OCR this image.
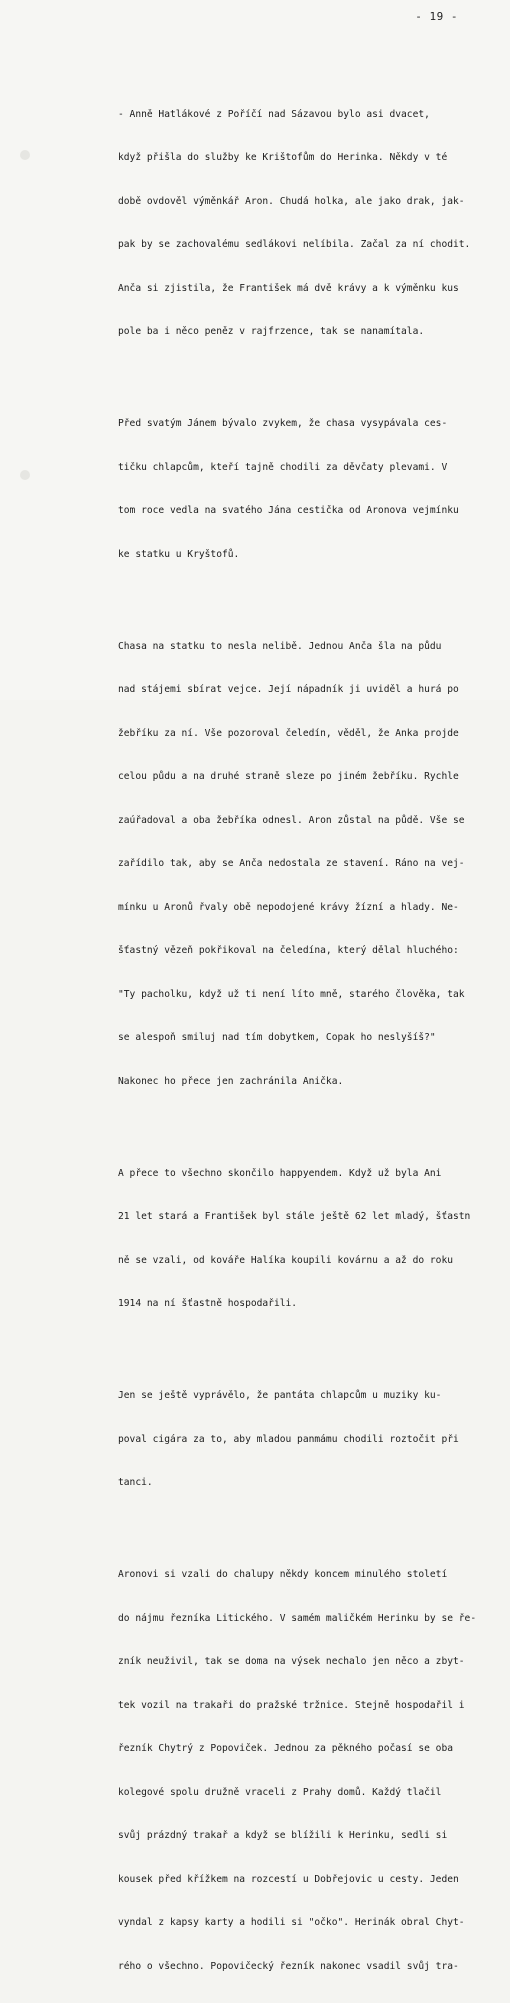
- 19 -

- Anně Hatlákové z Poříčí nad Sázavou bylo asi dvacet,

když přišla do služby ke Krištofům do Herinka. Někdy v té

době ovdověl výměnkář Aron. Chudá holka, ale jako drak, jak-

pak by se zachovalému sedlákovi nelíbila. Začal za ní chodit.

Anča si zjistila, že František má dvě krávy a k výměnku kus

pole ba i něco peněz v rajfrzence, tak se nanamítala.

Před svatým Jánem bývalo zvykem, že chasa vysypávala ces-

tičku chlapcům, kteří tajně chodili za děvčaty plevami. V

tom roce vedla na svatého Jána cestička od Aronova vejmínku

ke statku u Kryštofů.

Chasa na statku to nesla nelibě. Jednou Anča šla na půdu

nad stájemi sbírat vejce. Její nápadník ji uviděl a hurá po

žebříku za ní. Vše pozoroval čeledín, věděl, že Anka projde

celou půdu a na druhé straně sleze po jiném žebříku. Rychle

zaúřadoval a oba žebříka odnesl. Aron zůstal na půdě. Vše se

zařídilo tak, aby se Anča nedostala ze stavení. Ráno na vej-

mínku u Aronů řvaly obě nepodojené krávy žízní a hlady. Ne-

šťastný vězeň pokřikoval na čeledína, který dělal hluchého:

"Ty pacholku, když už ti není líto mně, starého člověka, tak

se alespoň smiluj nad tím dobytkem, Copak ho neslyšíš?"

Nakonec ho přece jen zachránila Anička.

A přece to všechno skončilo happyendem. Když už byla Ani

21 let stará a František byl stále ještě 62 let mladý, šťastn

ně se vzali, od kováře Halíka koupili kovárnu a až do roku

1914 na ní šťastně hospodařili.

Jen se ještě vyprávělo, že pantáta chlapcům u muziky ku-

poval cigára za to, aby mladou panmámu chodili roztočit při

tanci.

Aronovi si vzali do chalupy někdy koncem minulého století

do nájmu řezníka Litického. V samém maličkém Herinku by se ře-

zník neuživil, tak se doma na výsek nechalo jen něco a zbyt-

tek vozil na trakaři do pražské tržnice. Stejně hospodařil i

řezník Chytrý z Popoviček. Jednou za pěkného počasí se oba

kolegové spolu družně vraceli z Prahy domů. Každý tlačil

svůj prázdný trakař a když se blížili k Herinku, sedli si

kousek před křížkem na rozcestí u Dobřejovic u cesty. Jeden

vyndal z kapsy karty a hodili si "očko". Herinák obral Chyt-

rého o všechno. Popovičecký řezník nakonec vsadil svůj tra-
